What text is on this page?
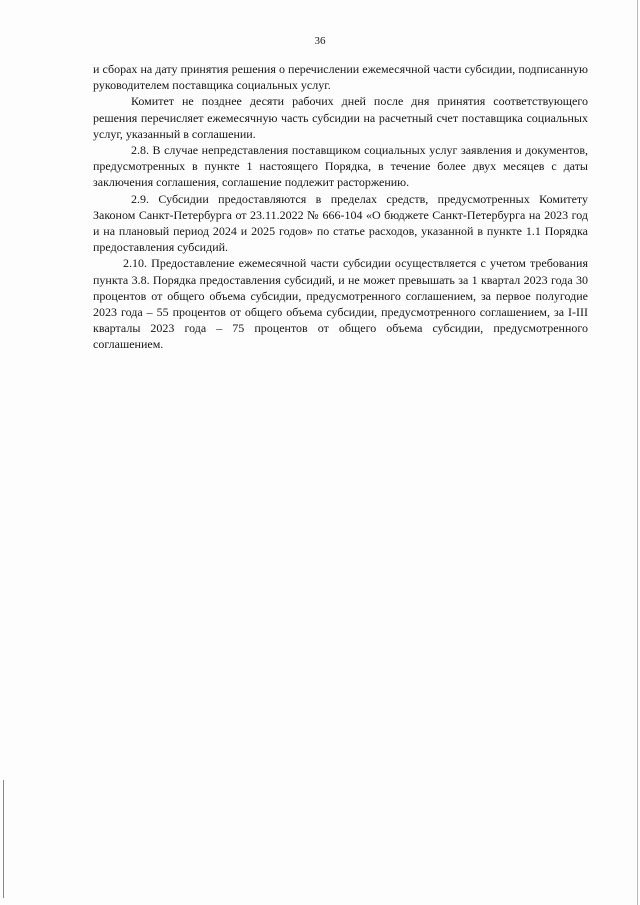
36

и сборах на дату принятия решения о перечислении ежемесячной части субсидии, подписанную руководителем поставщика социальных услуг.

Комитет не позднее десяти рабочих дней после дня принятия соответствующего решения перечисляет ежемесячную часть субсидии на расчетный счет поставщика социальных услуг, указанный в соглашении.

2.8. В случае непредставления поставщиком социальных услуг заявления и документов, предусмотренных в пункте 1 настоящего Порядка, в течение более двух месяцев с даты заключения соглашения, соглашение подлежит расторжению.

2.9. Субсидии предоставляются в пределах средств, предусмотренных Комитету Законом Санкт-Петербурга от 23.11.2022 № 666-104 «О бюджете Санкт-Петербурга на 2023 год и на плановый период 2024 и 2025 годов» по статье расходов, указанной в пункте 1.1 Порядка предоставления субсидий.

2.10. Предоставление ежемесячной части субсидии осуществляется с учетом требования пункта 3.8. Порядка предоставления субсидий, и не может превышать за 1 квартал 2023 года 30 процентов от общего объема субсидии, предусмотренного соглашением, за первое полугодие 2023 года – 55 процентов от общего объема субсидии, предусмотренного соглашением, за I-III кварталы 2023 года – 75 процентов от общего объема субсидии, предусмотренного соглашением.
